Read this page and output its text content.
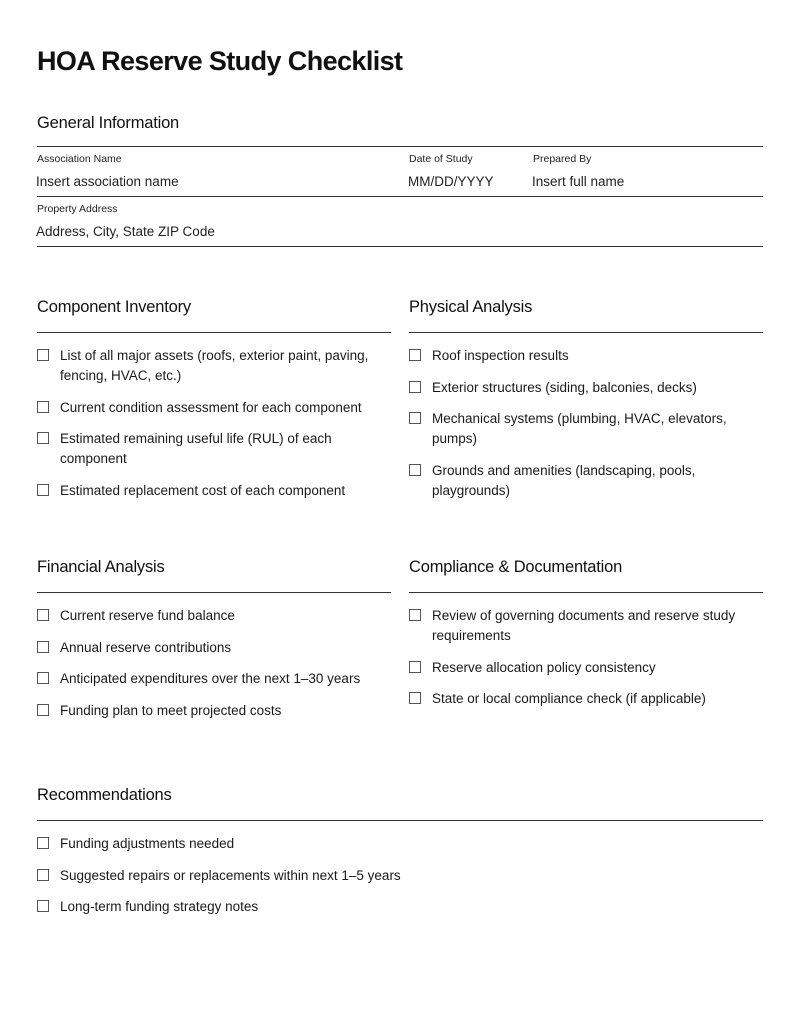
HOA Reserve Study Checklist
General Information
Association Name
Insert association name
Date of Study
MM/DD/YYYY
Prepared By
Insert full name
Property Address
Address, City, State ZIP Code
Component Inventory
List of all major assets (roofs, exterior paint, paving, fencing, HVAC, etc.)
Current condition assessment for each component
Estimated remaining useful life (RUL) of each component
Estimated replacement cost of each component
Physical Analysis
Roof inspection results
Exterior structures (siding, balconies, decks)
Mechanical systems (plumbing, HVAC, elevators, pumps)
Grounds and amenities (landscaping, pools, playgrounds)
Financial Analysis
Current reserve fund balance
Annual reserve contributions
Anticipated expenditures over the next 1–30 years
Funding plan to meet projected costs
Compliance & Documentation
Review of governing documents and reserve study requirements
Reserve allocation policy consistency
State or local compliance check (if applicable)
Recommendations
Funding adjustments needed
Suggested repairs or replacements within next 1–5 years
Long-term funding strategy notes
